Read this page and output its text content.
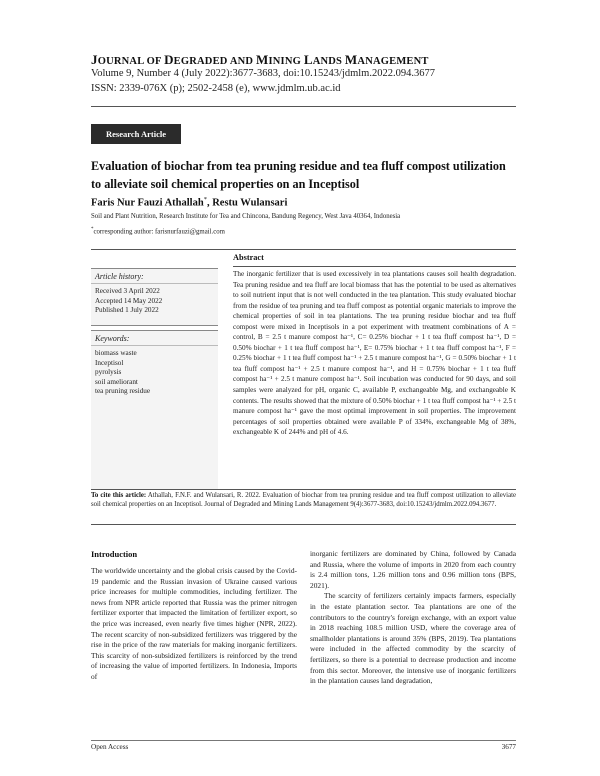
JOURNAL OF DEGRADED AND MINING LANDS MANAGEMENT
Volume 9, Number 4 (July 2022):3677-3683, doi:10.15243/jdmlm.2022.094.3677
ISSN: 2339-076X (p); 2502-2458 (e), www.jdmlm.ub.ac.id
Research Article
Evaluation of biochar from tea pruning residue and tea fluff compost utilization to alleviate soil chemical properties on an Inceptisol
Faris Nur Fauzi Athallah*, Restu Wulansari
Soil and Plant Nutrition, Research Institute for Tea and Chincona, Bandung Regency, West Java 40364, Indonesia
*corresponding author: farisnurfauzi@gmail.com
Abstract
Article history:
Received 3 April 2022
Accepted 14 May 2022
Published 1 July 2022
Keywords:
biomass waste
Inceptisol
pyrolysis
soil ameliorant
tea pruning residue
The inorganic fertilizer that is used excessively in tea plantations causes soil health degradation. Tea pruning residue and tea fluff are local biomass that has the potential to be used as alternatives to soil nutrient input that is not well conducted in the tea plantation. This study evaluated biochar from the residue of tea pruning and tea fluff compost as potential organic materials to improve the chemical properties of soil in tea plantations. The tea pruning residue biochar and tea fluff compost were mixed in Inceptisols in a pot experiment with treatment combinations of A = control, B = 2.5 t manure compost ha⁻¹, C= 0.25% biochar + 1 t tea fluff compost ha⁻¹, D = 0.50% biochar + 1 t tea fluff compost ha⁻¹, E= 0.75% biochar + 1 t tea fluff compost ha⁻¹, F = 0.25% biochar + 1 t tea fluff compost ha⁻¹ + 2.5 t manure compost ha⁻¹, G = 0.50% biochar + 1 t tea fluff compost ha⁻¹ + 2.5 t manure compost ha⁻¹, and H = 0.75% biochar + 1 t tea fluff compost ha⁻¹ + 2.5 t manure compost ha⁻¹. Soil incubation was conducted for 90 days, and soil samples were analyzed for pH, organic C, available P, exchangeable Mg, and exchangeable K contents. The results showed that the mixture of 0.50% biochar + 1 t tea fluff compost ha⁻¹ + 2.5 t manure compost ha⁻¹ gave the most optimal improvement in soil properties. The improvement percentages of soil properties obtained were available P of 334%, exchangeable Mg of 38%, exchangeable K of 244% and pH of 4.6.
To cite this article: Athallah, F.N.F. and Wulansari, R. 2022. Evaluation of biochar from tea pruning residue and tea fluff compost utilization to alleviate soil chemical properties on an Inceptisol. Journal of Degraded and Mining Lands Management 9(4):3677-3683, doi:10.15243/jdmlm.2022.094.3677.
Introduction
The worldwide uncertainty and the global crisis caused by the Covid-19 pandemic and the Russian invasion of Ukraine caused various price increases for multiple commodities, including fertilizer. The news from NPR article reported that Russia was the primer nitrogen fertilizer exporter that impacted the limitation of fertilizer export, so the price was increased, even nearly five times higher (NPR, 2022). The recent scarcity of non-subsidized fertilizers was triggered by the rise in the price of the raw materials for making inorganic fertilizers. This scarcity of non-subsidized fertilizers is reinforced by the trend of increasing the value of imported fertilizers. In Indonesia, Imports of

inorganic fertilizers are dominated by China, followed by Canada and Russia, where the volume of imports in 2020 from each country is 2.4 million tons, 1.26 million tons and 0.96 million tons (BPS, 2021).

The scarcity of fertilizers certainly impacts farmers, especially in the estate plantation sector. Tea plantations are one of the contributors to the country's foreign exchange, with an export value in 2018 reaching 108.5 million USD, where the coverage area of smallholder plantations is around 35% (BPS, 2019). Tea plantations were included in the affected commodity by the scarcity of fertilizers, so there is a potential to decrease production and income from this sector. Moreover, the intensive use of inorganic fertilizers in the plantation causes land degradation,

Open Access	3677
